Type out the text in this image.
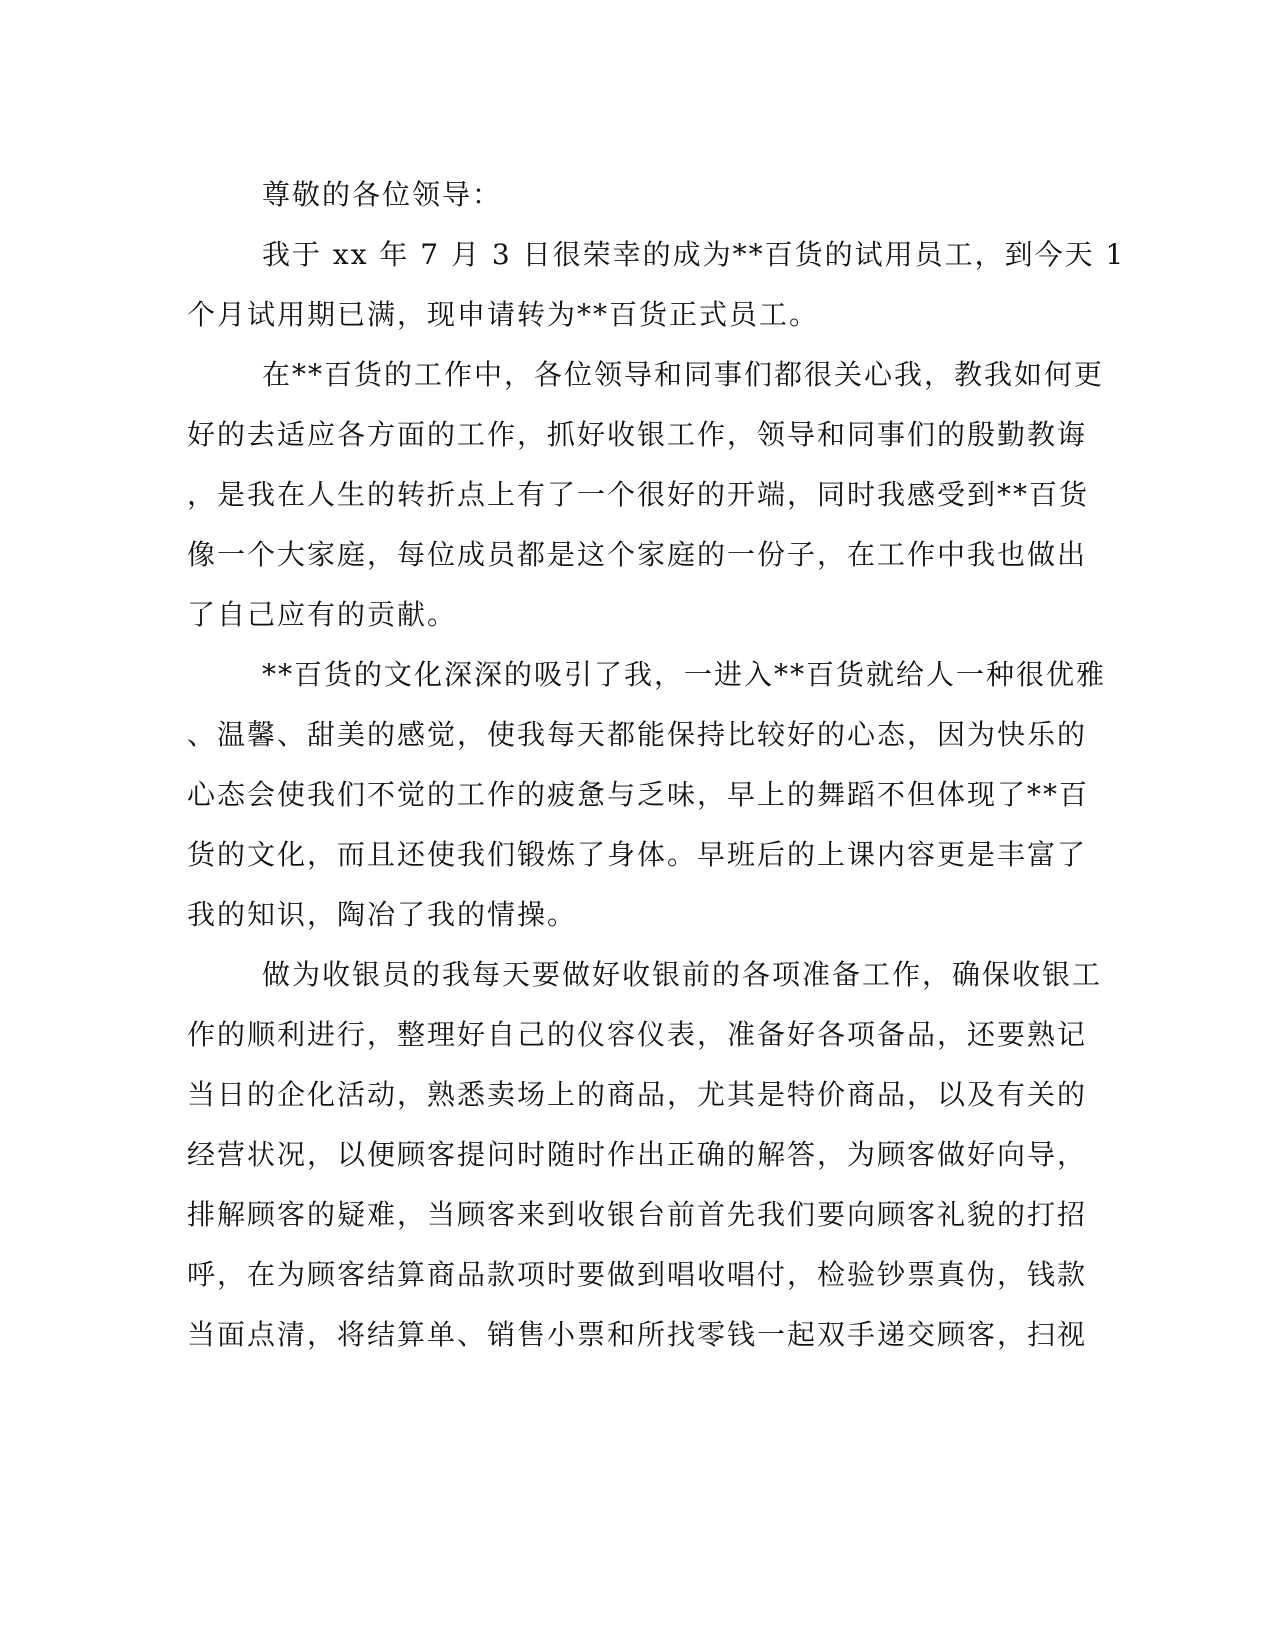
尊敬的各位领导：
我于 xx 年 7 月 3 日很荣幸的成为**百货的试用员工，到今天 1
个月试用期已满，现申请转为**百货正式员工。
在**百货的工作中，各位领导和同事们都很关心我，教我如何更
好的去适应各方面的工作，抓好收银工作，领导和同事们的殷勤教诲
，是我在人生的转折点上有了一个很好的开端，同时我感受到**百货
像一个大家庭，每位成员都是这个家庭的一份子，在工作中我也做出
了自己应有的贡献。
**百货的文化深深的吸引了我，一进入**百货就给人一种很优雅
、温馨、甜美的感觉，使我每天都能保持比较好的心态，因为快乐的
心态会使我们不觉的工作的疲惫与乏味，早上的舞蹈不但体现了**百
货的文化，而且还使我们锻炼了身体。早班后的上课内容更是丰富了
我的知识，陶冶了我的情操。
做为收银员的我每天要做好收银前的各项准备工作，确保收银工
作的顺利进行，整理好自己的仪容仪表，准备好各项备品，还要熟记
当日的企化活动，熟悉卖场上的商品，尤其是特价商品，以及有关的
经营状况，以便顾客提问时随时作出正确的解答，为顾客做好向导，
排解顾客的疑难，当顾客来到收银台前首先我们要向顾客礼貌的打招
呼，在为顾客结算商品款项时要做到唱收唱付，检验钞票真伪，钱款
当面点清，将结算单、销售小票和所找零钱一起双手递交顾客，扫视
